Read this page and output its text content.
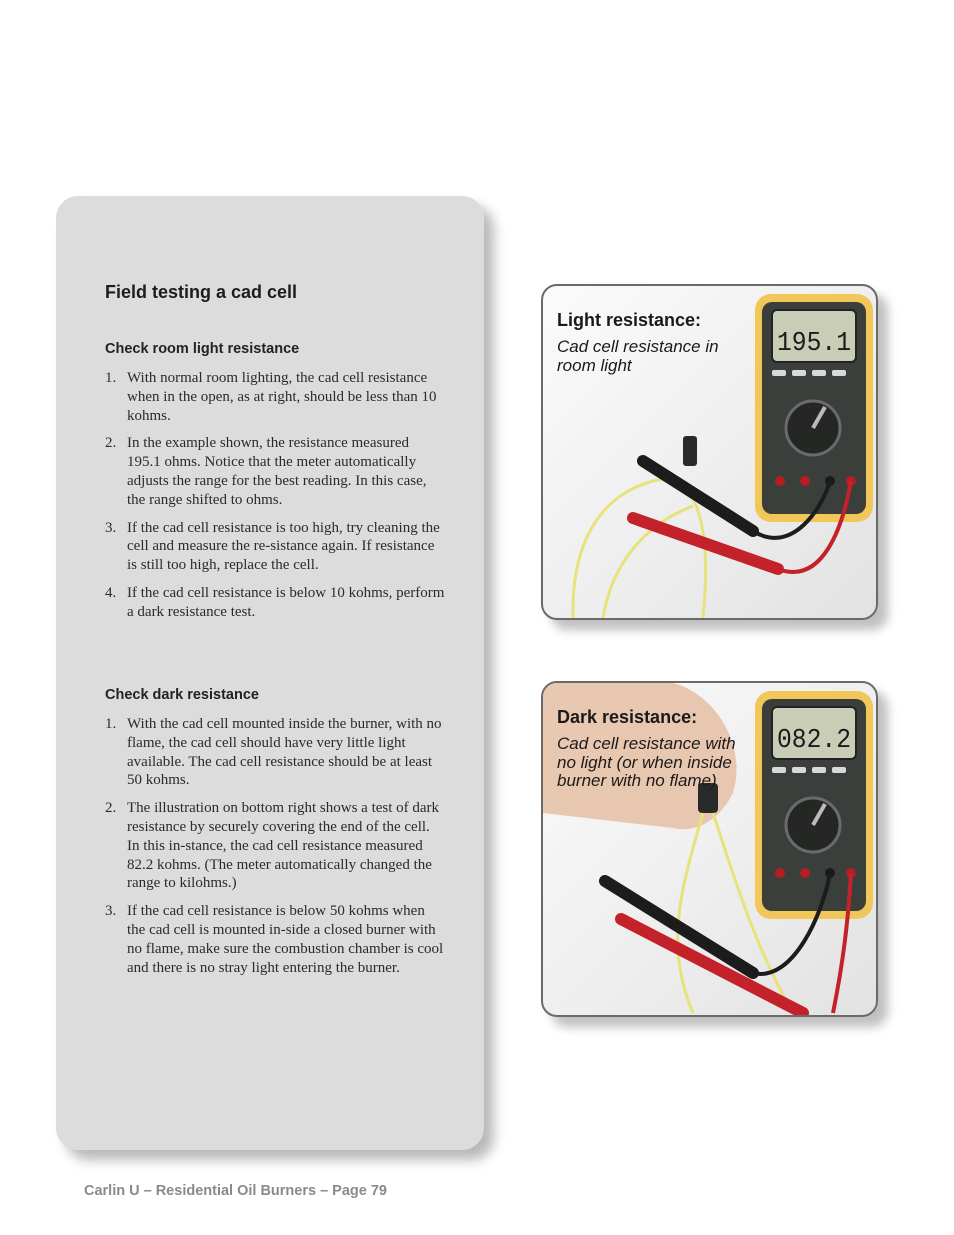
Field testing a cad cell
Check room light resistance
1. With normal room lighting, the cad cell resistance when in the open, as at right, should be less than 10 kohms.
2. In the example shown, the resistance measured 195.1 ohms. Notice that the meter automatically adjusts the range for the best reading. In this case, the range shifted to ohms.
3. If the cad cell resistance is too high, try cleaning the cell and measure the re-sistance again. If resistance is still too high, replace the cell.
4. If the cad cell resistance is below 10 kohms, perform a dark resistance test.
Check dark resistance
1. With the cad cell mounted inside the burner, with no flame, the cad cell should have very little light available. The cad cell resistance should be at least 50 kohms.
2. The illustration on bottom right shows a test of dark resistance by securely covering the end of the cell. In this in-stance, the cad cell resistance measured 82.2 kohms. (The meter automatically changed the range to kilohms.)
3. If the cad cell resistance is below 50 kohms when the cad cell is mounted in-side a closed burner with no flame, make sure the combustion chamber is cool and there is no stray light entering the burner.
195.1
Light resistance:
Cad cell resistance in room light
082.2
Dark resistance:
Cad cell resistance with no light (or when inside burner with no flame)
Carlin U – Residential Oil Burners – Page 79
